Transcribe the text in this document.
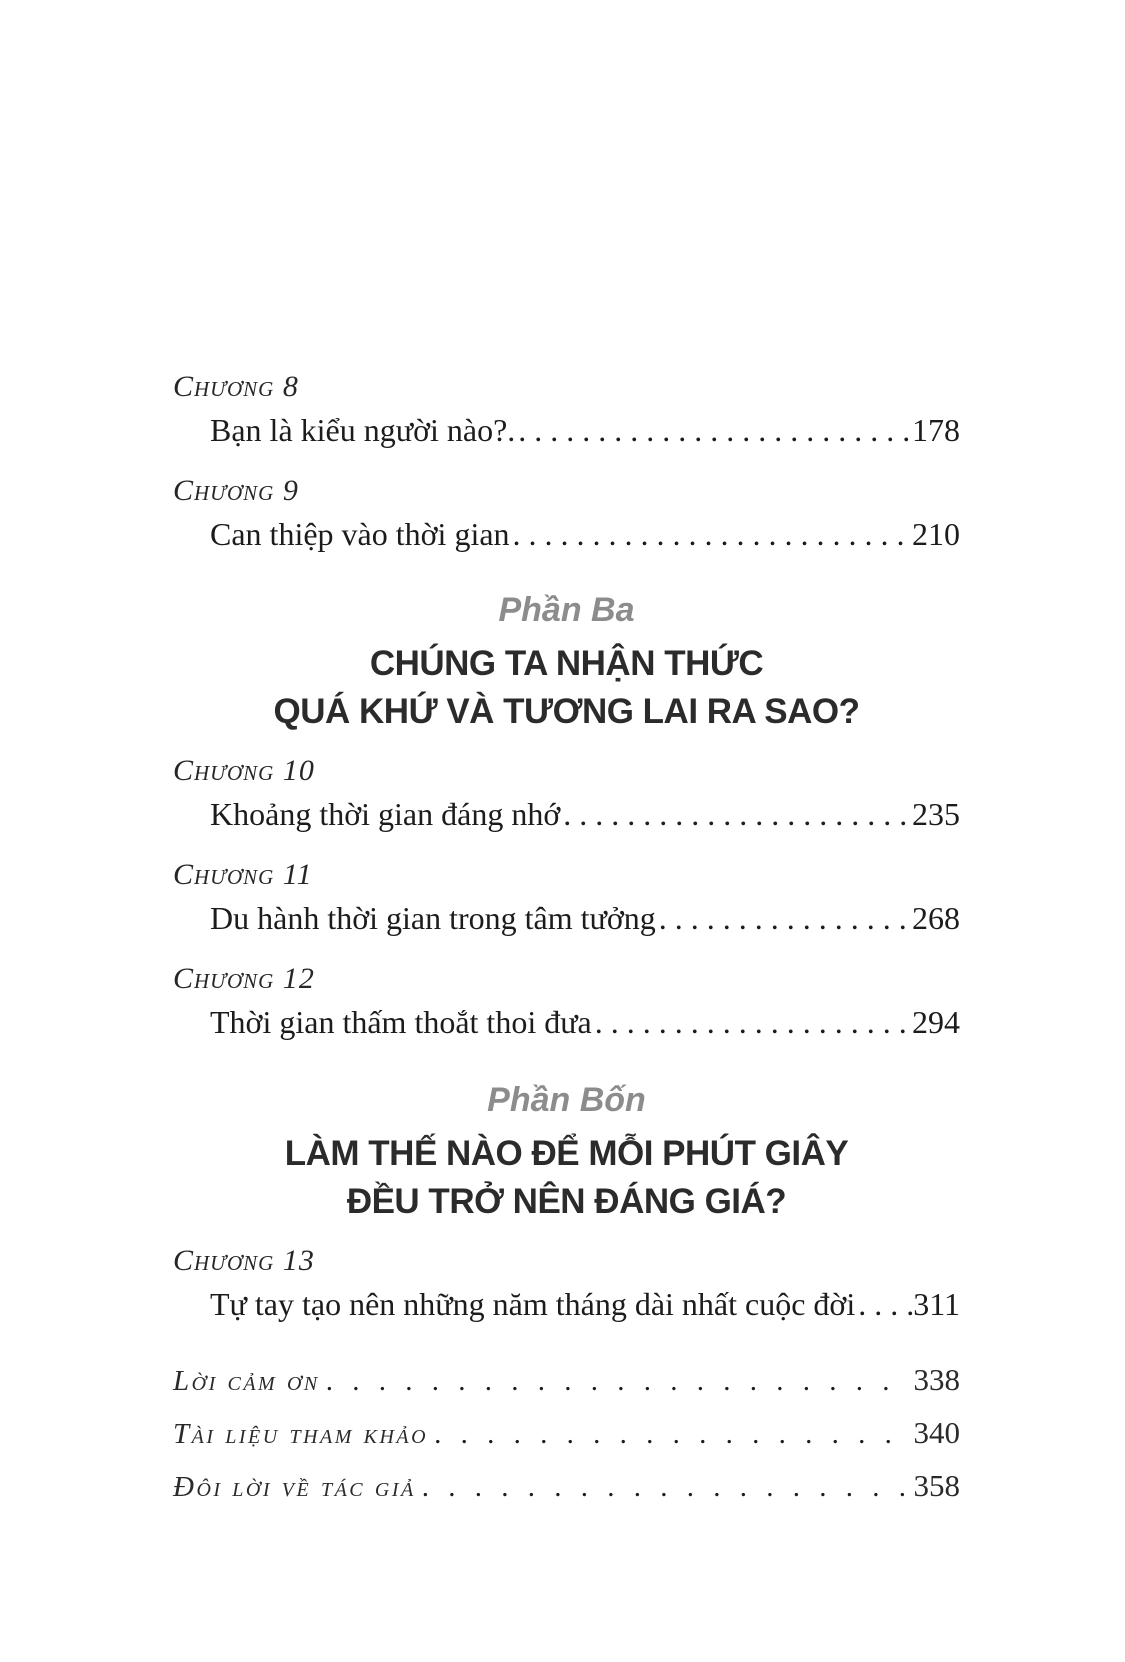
Chương 8
Bạn là kiểu người nào?. . . .	178
Chương 9
Can thiệp vào thời gian . . .	210
Phần Ba
CHÚNG TA NHẬN THỨC
QUÁ KHỨ VÀ TƯƠNG LAI RA SAO?
Chương 10
Khoảng thời gian đáng nhớ . . .	235
Chương 11
Du hành thời gian trong tâm tưởng . . .	268
Chương 12
Thời gian thấm thoắt thoi đưa . . .	294
Phần Bốn
LÀM THẾ NÀO ĐỂ MỖI PHÚT GIÂY
ĐỀU TRỞ NÊN ĐÁNG GIÁ?
Chương 13
Tự tay tạo nên những năm tháng dài nhất cuộc đời . . . 311
Lời cảm ơn . . .	338
Tài liệu tham khảo . . .	340
Đôi lời về tác giả . . .	358
